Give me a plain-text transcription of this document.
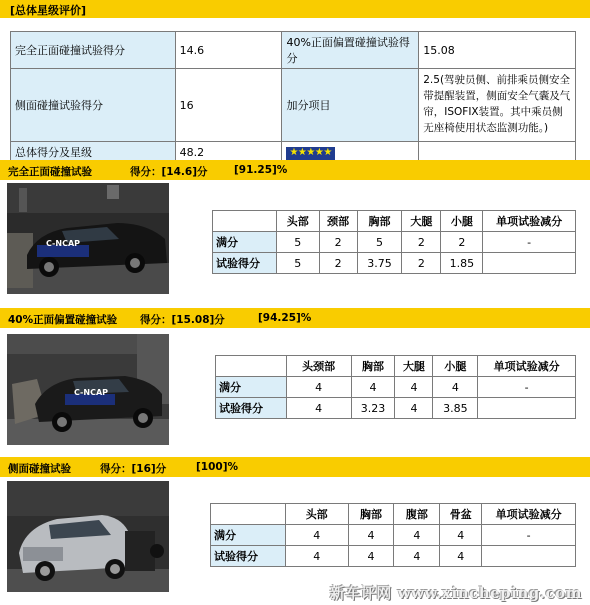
[总体星级评价]
完全正面碰撞试验得分	14.6	40%正面偏置碰撞试验得分	15.08
侧面碰撞试验得分	16	加分项目	2.5(驾驶员侧、前排乘员侧安全带提醒装置，侧面安全气囊及气帘，ISOFIX装置。其中乘员侧无座椅使用状态监测功能。)
总体得分及星级	48.2	★★★★★	
完全正面碰撞试验	得分：[14.6]分	[91.25]%
C-NCAP
	头部	颈部	胸部	大腿	小腿	单项试验减分
满分	5	2	5	2	2	-
试验得分	5	2	3.75	2	1.85	
40%正面偏置碰撞试验 得分：[15.08]分	[94.25]%
C-NCAP
	头颈部	胸部	大腿	小腿	单项试验减分
满分	4	4	4	4	-
试验得分	4	3.23	4	3.85	
侧面碰撞试验	得分：[16]分	[100]%
	头部	胸部	腹部	骨盆	单项试验减分
满分	4	4	4	4	-
试验得分	4	4	4	4	
新车评网 www.xincheping.com
